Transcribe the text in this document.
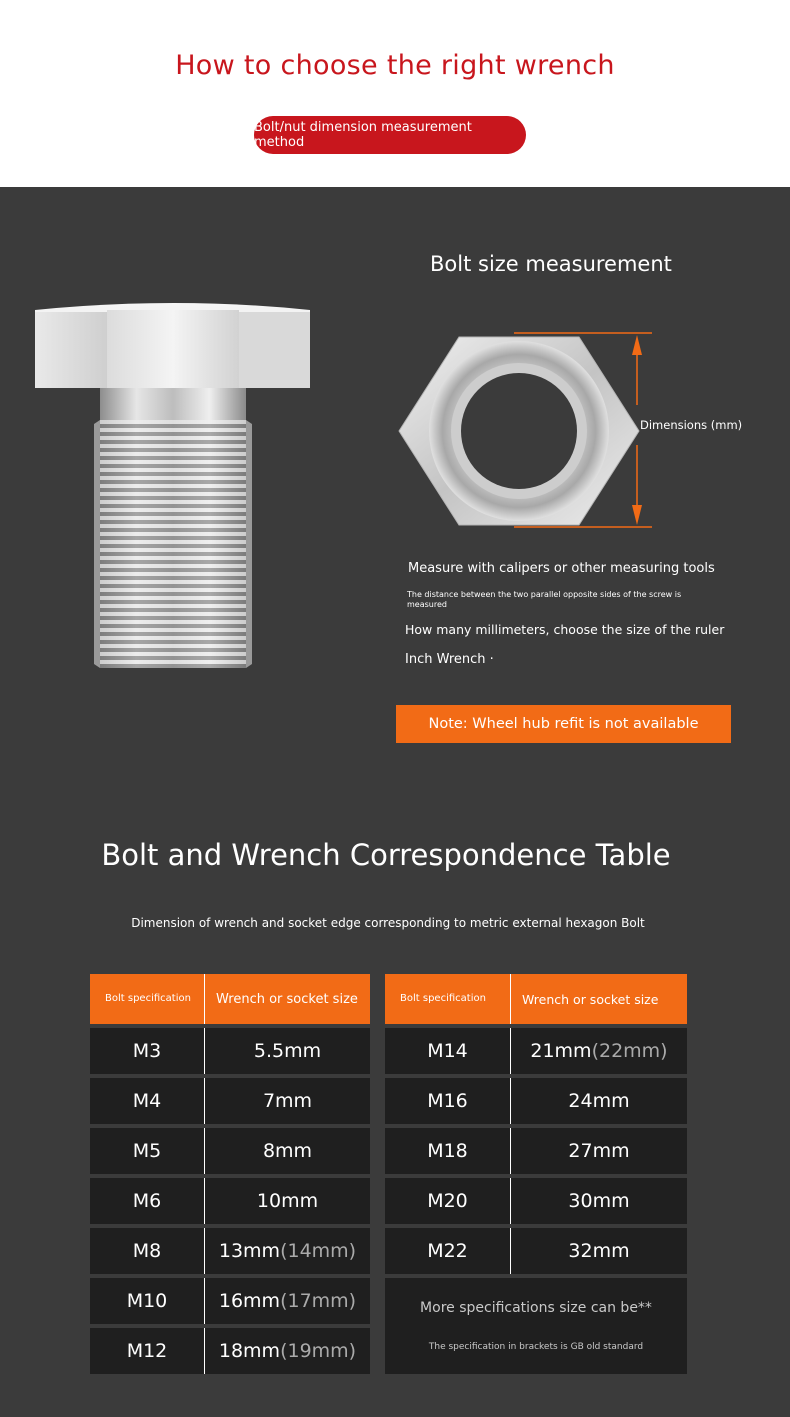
How to choose the right wrench
Bolt/nut dimension measurement method
Bolt size measurement
Dimensions (mm)
Measure with calipers or other measuring tools
The distance between the two parallel opposite sides of the screw is measured
How many millimeters, choose the size of the ruler
Inch Wrench ·
Note: Wheel hub refit is not available
Bolt and Wrench Correspondence Table
Dimension of wrench and socket edge corresponding to metric external hexagon Bolt
Bolt specification	Wrench or socket size
M3	5.5mm
M4	7mm
M5	8mm
M6	10mm
M8	13mm (14mm)
M10	16mm (17mm)
M12	18mm (19mm)
Bolt specification	Wrench or socket size
M14	21mm (22mm)
M16	24mm
M18	27mm
M20	30mm
M22	32mm
More specifications size can be**
The specification in brackets is GB old standard
